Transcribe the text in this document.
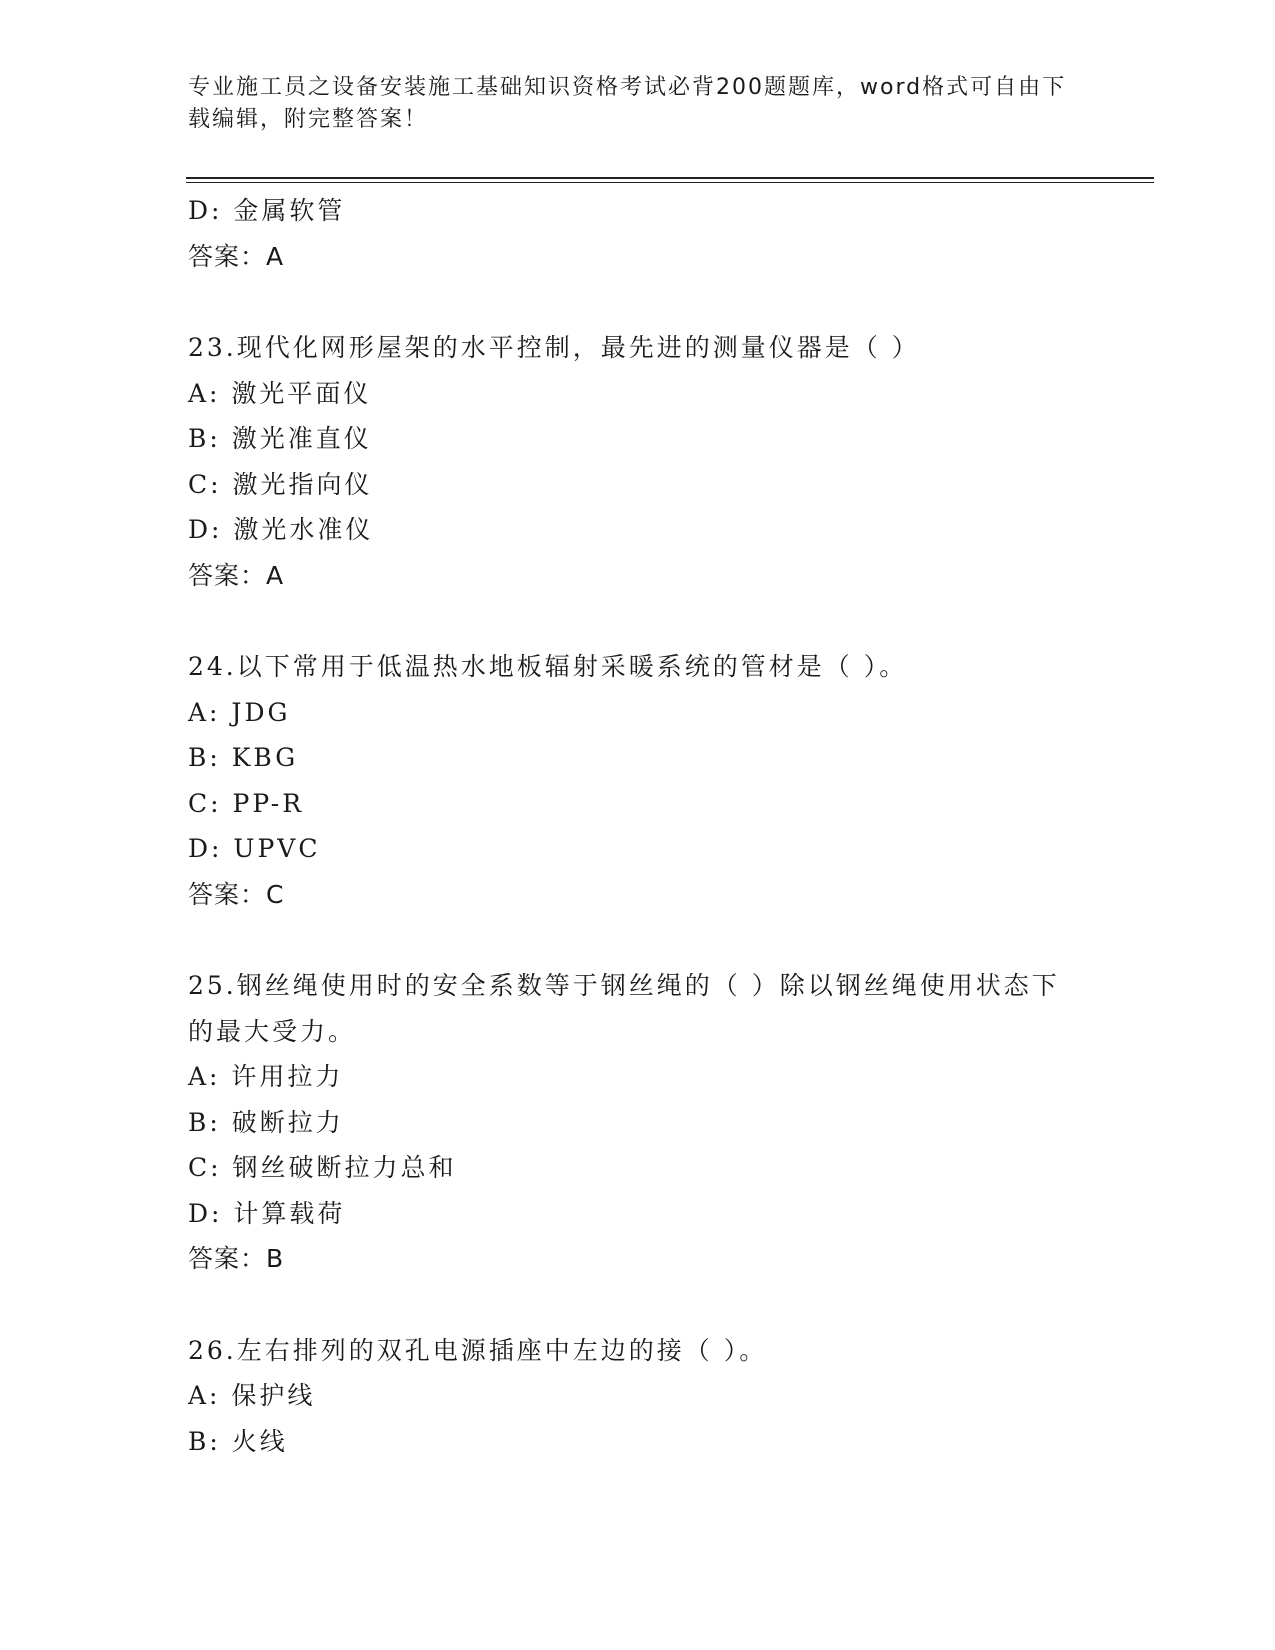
专业施工员之设备安装施工基础知识资格考试必背200题题库，word格式可自由下载编辑，附完整答案！
D: 金属软管
答案：A
23.现代化网形屋架的水平控制，最先进的测量仪器是（ ）
A: 激光平面仪
B: 激光准直仪
C: 激光指向仪
D: 激光水准仪
答案：A
24.以下常用于低温热水地板辐射采暖系统的管材是（ ）。
A: JDG
B: KBG
C: PP-R
D: UPVC
答案：C
25.钢丝绳使用时的安全系数等于钢丝绳的（ ）除以钢丝绳使用状态下的最大受力。
A: 许用拉力
B: 破断拉力
C: 钢丝破断拉力总和
D: 计算载荷
答案：B
26.左右排列的双孔电源插座中左边的接（ ）。
A: 保护线
B: 火线
